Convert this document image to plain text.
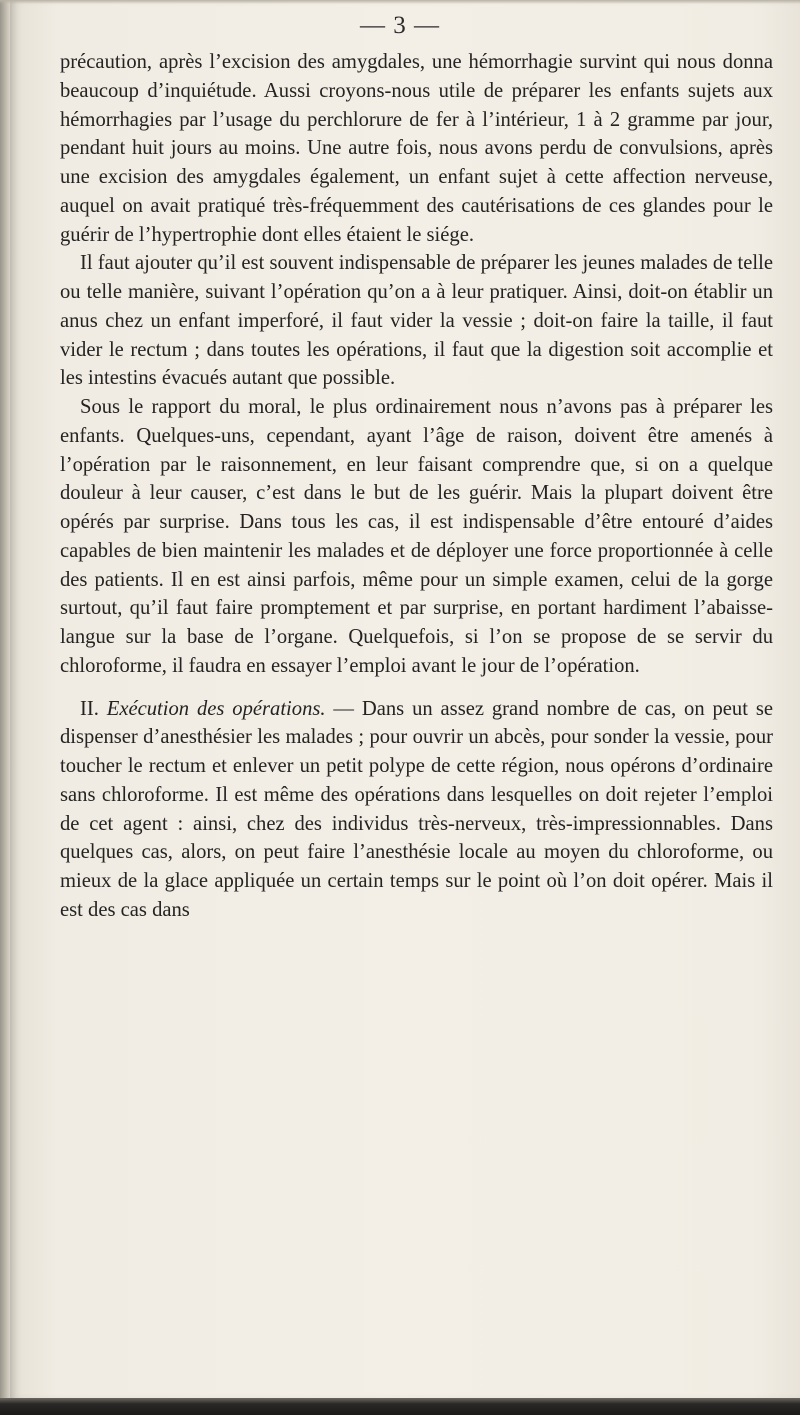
— 3 —

précaution, après l’excision des amygdales, une hémorrhagie survint qui nous donna beaucoup d’inquiétude. Aussi croyons-nous utile de préparer les enfants sujets aux hémorrhagies par l’usage du perchlorure de fer à l’intérieur, 1 à 2 gramme par jour, pendant huit jours au moins. Une autre fois, nous avons perdu de convulsions, après une excision des amygdales également, un enfant sujet à cette affection nerveuse, auquel on avait pratiqué très-fréquemment des cautérisations de ces glandes pour le guérir de l’hypertrophie dont elles étaient le siége.

Il faut ajouter qu’il est souvent indispensable de préparer les jeunes malades de telle ou telle manière, suivant l’opération qu’on a à leur pratiquer. Ainsi, doit-on établir un anus chez un enfant imperforé, il faut vider la vessie ; doit-on faire la taille, il faut vider le rectum ; dans toutes les opérations, il faut que la digestion soit accomplie et les intestins évacués autant que possible.

Sous le rapport du moral, le plus ordinairement nous n’avons pas à préparer les enfants. Quelques-uns, cependant, ayant l’âge de raison, doivent être amenés à l’opération par le raisonnement, en leur faisant comprendre que, si on a quelque douleur à leur causer, c’est dans le but de les guérir. Mais la plupart doivent être opérés par surprise. Dans tous les cas, il est indispensable d’être entouré d’aides capables de bien maintenir les malades et de déployer une force proportionnée à celle des patients. Il en est ainsi parfois, même pour un simple examen, celui de la gorge surtout, qu’il faut faire promptement et par surprise, en portant hardiment l’abaisse-langue sur la base de l’organe. Quelquefois, si l’on se propose de se servir du chloroforme, il faudra en essayer l’emploi avant le jour de l’opération.

II. Exécution des opérations. — Dans un assez grand nombre de cas, on peut se dispenser d’anesthésier les malades ; pour ouvrir un abcès, pour sonder la vessie, pour toucher le rectum et enlever un petit polype de cette région, nous opérons d’ordinaire sans chloroforme. Il est même des opérations dans lesquelles on doit rejeter l’emploi de cet agent : ainsi, chez des individus très-nerveux, très-impressionnables. Dans quelques cas, alors, on peut faire l’anesthésie locale au moyen du chloroforme, ou mieux de la glace appliquée un certain temps sur le point où l’on doit opérer. Mais il est des cas dans
